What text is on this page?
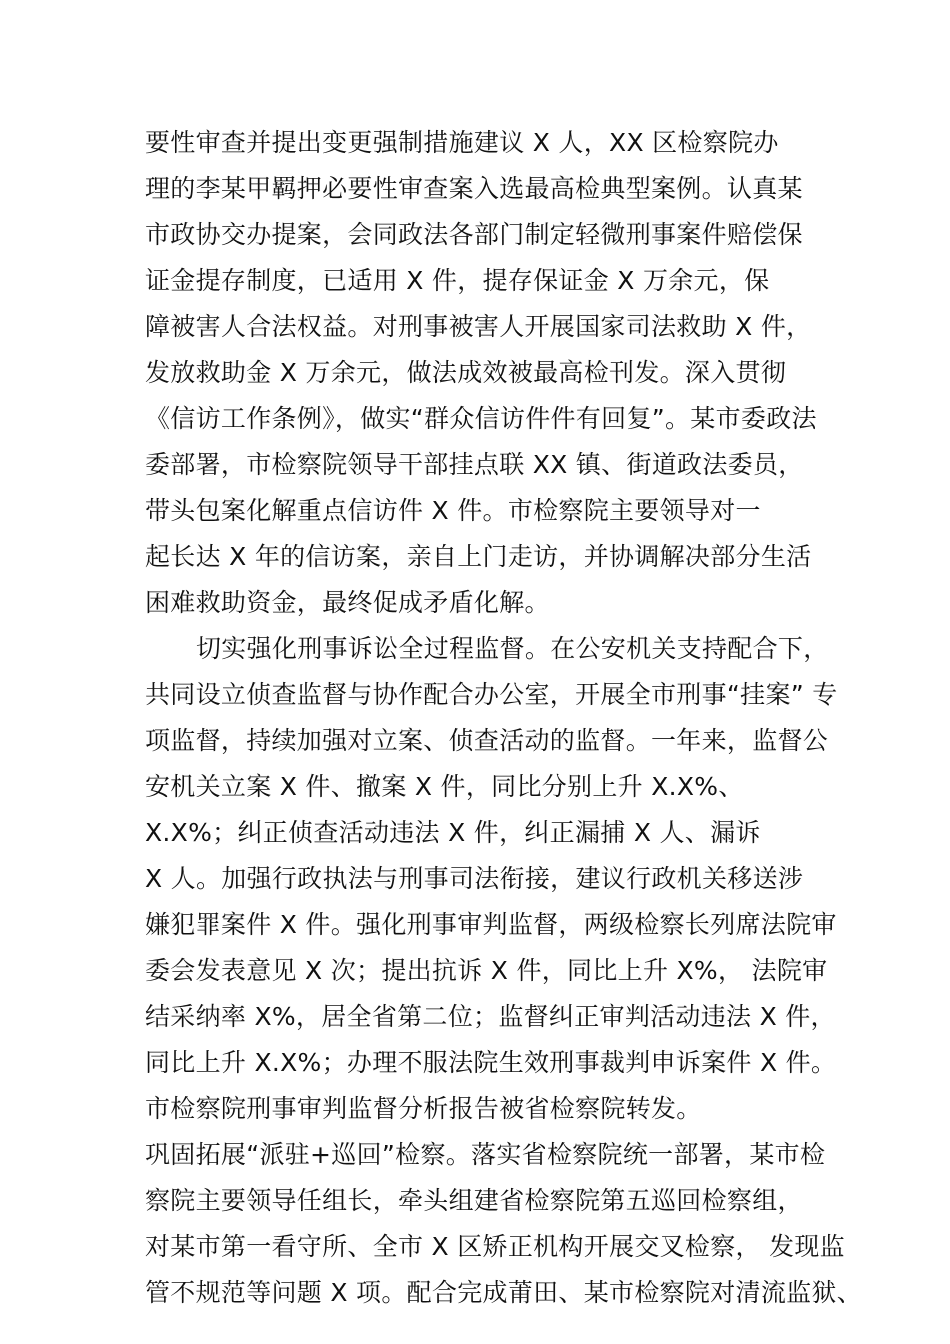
要性审查并提出变更强制措施建议 X 人，XX 区检察院办
理的李某甲羁押必要性审查案入选最高检典型案例。认真某
市政协交办提案，会同政法各部门制定轻微刑事案件赔偿保
证金提存制度，已适用 X 件，提存保证金 X 万余元，保
障被害人合法权益。对刑事被害人开展国家司法救助 X 件，
发放救助金 X 万余元，做法成效被最高检刊发。深入贯彻
《信访工作条例》，做实“群众信访件件有回复”。某市委政法
委部署，市检察院领导干部挂点联 XX 镇、街道政法委员，
带头包案化解重点信访件 X 件。市检察院主要领导对一
起长达 X 年的信访案，亲自上门走访，并协调解决部分生活
困难救助资金，最终促成矛盾化解。
切实强化刑事诉讼全过程监督。在公安机关支持配合下，
共同设立侦查监督与协作配合办公室，开展全市刑事“挂案” 专
项监督，持续加强对立案、侦查活动的监督。一年来，监督公
安机关立案 X 件、撤案 X 件，同比分别上升 X.X%、
X.X%；纠正侦查活动违法 X 件，纠正漏捕 X 人、漏诉
X 人。加强行政执法与刑事司法衔接，建议行政机关移送涉
嫌犯罪案件 X 件。强化刑事审判监督，两级检察长列席法院审
委会发表意见 X 次；提出抗诉 X 件，同比上升 X%， 法院审
结采纳率 X%，居全省第二位；监督纠正审判活动违法 X 件，
同比上升 X.X%；办理不服法院生效刑事裁判申诉案件 X 件。
市检察院刑事审判监督分析报告被省检察院转发。
巩固拓展“派驻+巡回”检察。落实省检察院统一部署，某市检
察院主要领导任组长，牵头组建省检察院第五巡回检察组，
对某市第一看守所、全市 X 区矫正机构开展交叉检察， 发现监
管不规范等问题 X 项。配合完成莆田、某市检察院对清流监狱、
